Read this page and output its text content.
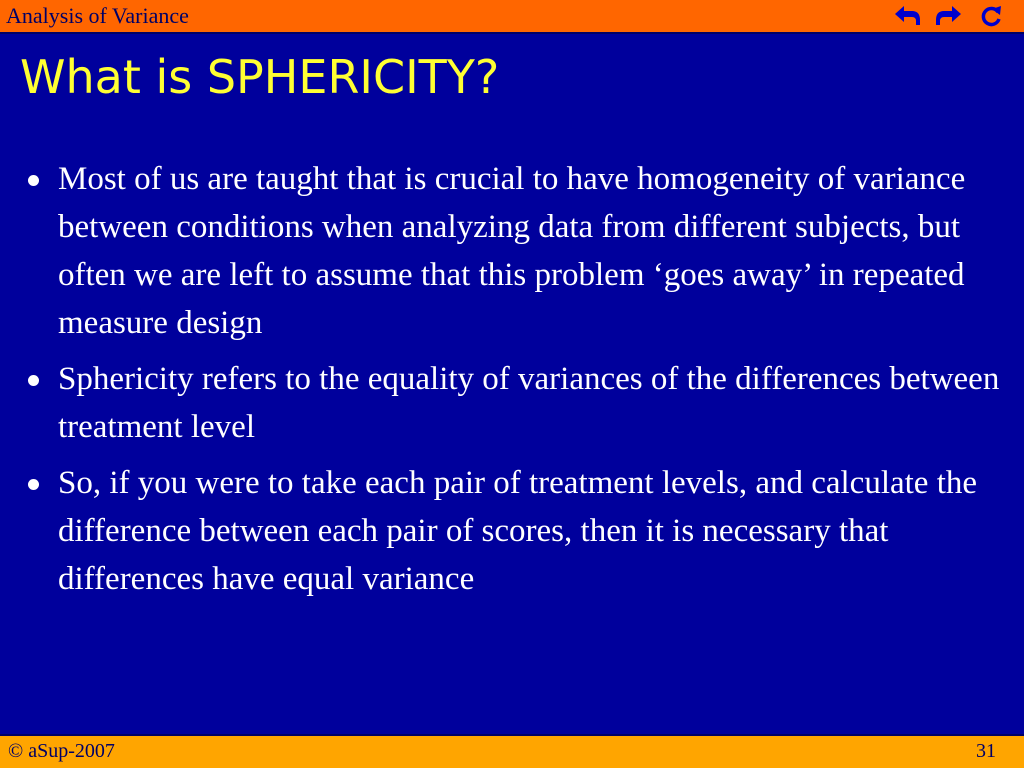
Analysis of Variance
What is SPHERICITY?
Most of us are taught that is crucial to have homogeneity of variance between conditions when analyzing data from different subjects, but often we are left to assume that this problem ‘goes away’ in repeated measure design
Sphericity refers to the equality of variances of the differences between treatment level
So, if you were to take each pair of treatment levels, and calculate the difference between each pair of scores, then it is necessary that differences have equal variance
© aSup-2007	31
